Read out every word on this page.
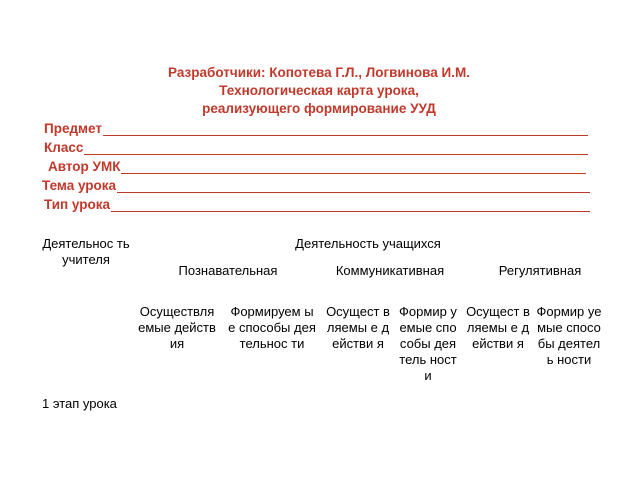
Разработчики: Копотева Г.Л., Логвинова И.М.
Технологическая карта урока,
реализующего формирование УУД
Предмет
Класс
Автор УМК
Тема урока
Тип урока
Деятельнос ть учителя
Деятельность учащихся
Познавательная	Коммуникативная	Регулятивная
Осуществля емые действия
Формируем ые способы деятельнос ти
Осущест вляемы е действи я
Формир уемые способы деятель ности
Осущест вляемы е действи я
Формир уемые способы деятель ности
1 этап урока
